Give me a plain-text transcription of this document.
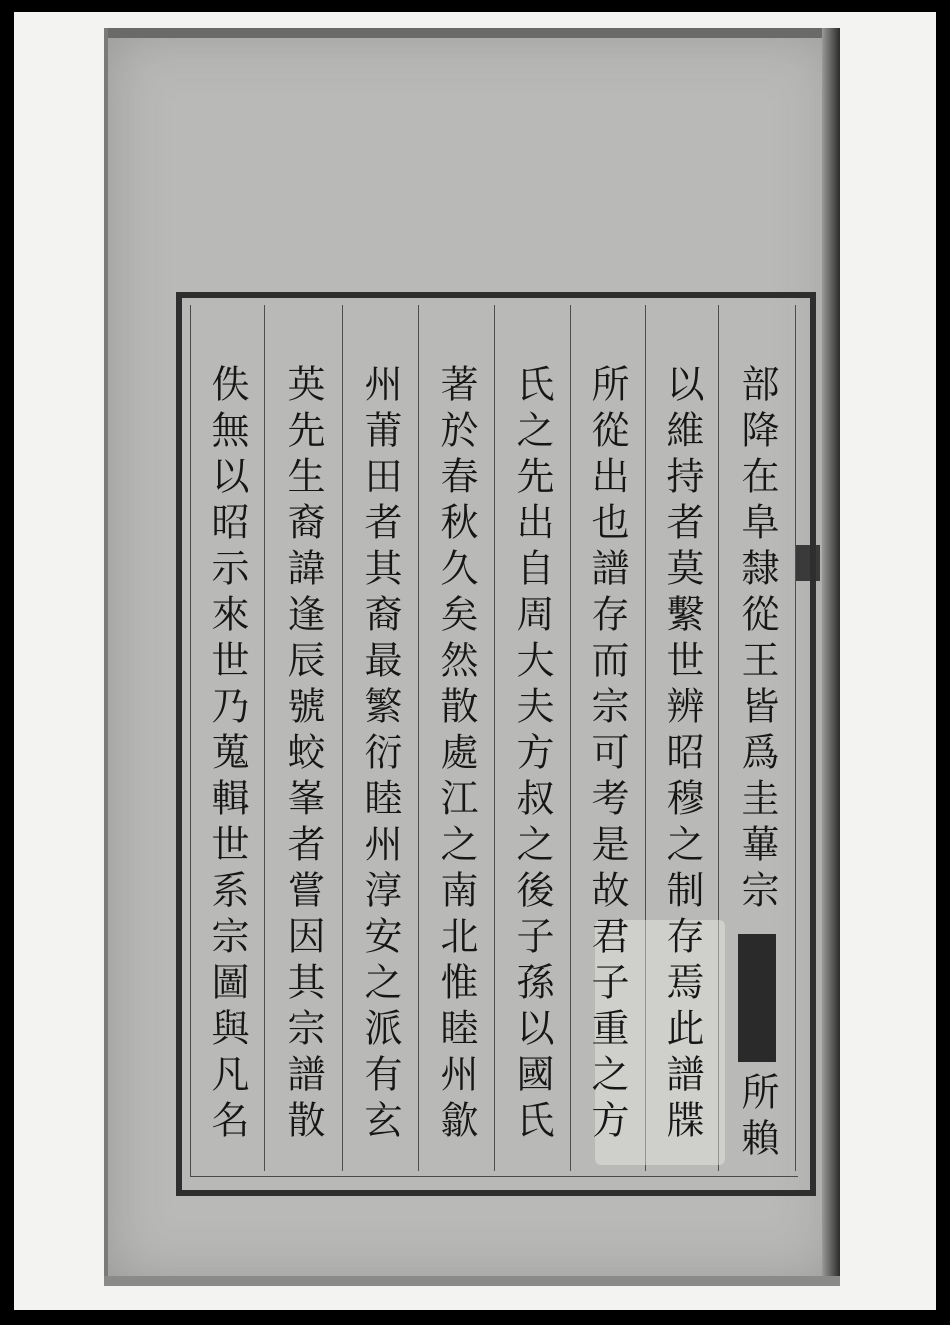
部降在阜隸從王皆爲圭蓽宗
所賴
以維持者莫繫世辨昭穆之制存焉此譜牒
所從出也譜存而宗可考是故君子重之方
氏之先出自周大夫方叔之後子孫以國氏
著於春秋久矣然散處江之南北惟睦州歙
州莆田者其裔最繁衍睦州淳安之派有玄
英先生裔諱逢辰號蛟峯者嘗因其宗譜散
佚無以昭示來世乃蒐輯世系宗圖與凡名
